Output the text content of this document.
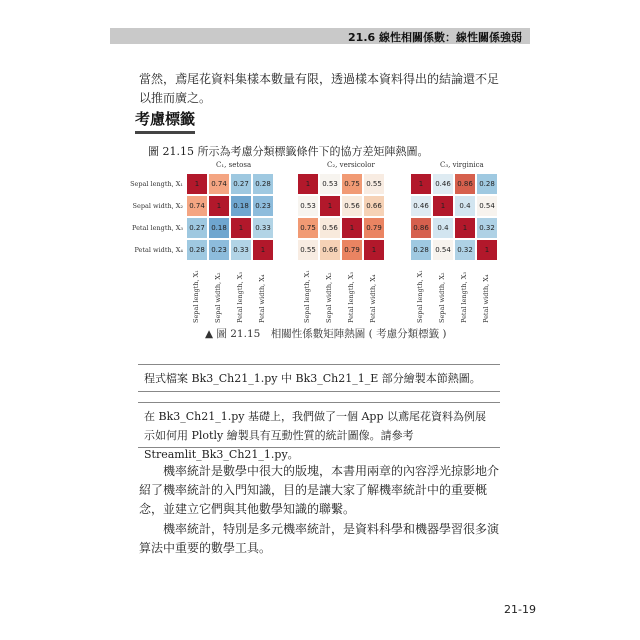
21.6 線性相關係數：線性關係強弱
當然，鳶尾花資料集樣本數量有限，透過樣本資料得出的結論還不足以推而廣之。
考慮標籤
圖 21.15 所示為考慮分類標籤條件下的協方差矩陣熱圖。
C₁, setosa
1	0.74 0.27 0.28
0.74	1	0.18 0.23
0.27 0.18	1	0.33
0.28 0.23 0.33	1
Sepal length, X₁
Sepal width, X₂
Petal length, X₃
Petal width, X₄
Sepal length, X₁ Sepal width, X₂ Petal length, X₃ Petal width, X₄
C₂, versicolor
1	0.53 0.75 0.55
0.53	1	0.56 0.66
0.75 0.56	1	0.79
0.55 0.66 0.79	1
Sepal length, X₁ Sepal width, X₂ Petal length, X₃ Petal width, X₄
C₃, virginica
1	0.46 0.86 0.28
0.46	1	0.4	0.54
0.86	0.4	1	0.32
0.28 0.54 0.32	1
Sepal length, X₁ Sepal width, X₂ Petal length, X₃ Petal width, X₄
▲ 圖 21.15　相關性係數矩陣熱圖 ( 考慮分類標籤 )
程式檔案 Bk3_Ch21_1.py 中 Bk3_Ch21_1_E 部分繪製本節熱圖。
在 Bk3_Ch21_1.py 基礎上，我們做了一個 App 以鳶尾花資料為例展示如何用 Plotly 繪製具有互動性質的統計圖像。請參考 Streamlit_Bk3_Ch21_1.py。
機率統計是數學中很大的版塊，本書用兩章的內容浮光掠影地介紹了機率統計的入門知識，目的是讓大家了解機率統計中的重要概念，並建立它們與其他數學知識的聯繫。
機率統計，特別是多元機率統計，是資料科學和機器學習很多演算法中重要的數學工具。
21-19
